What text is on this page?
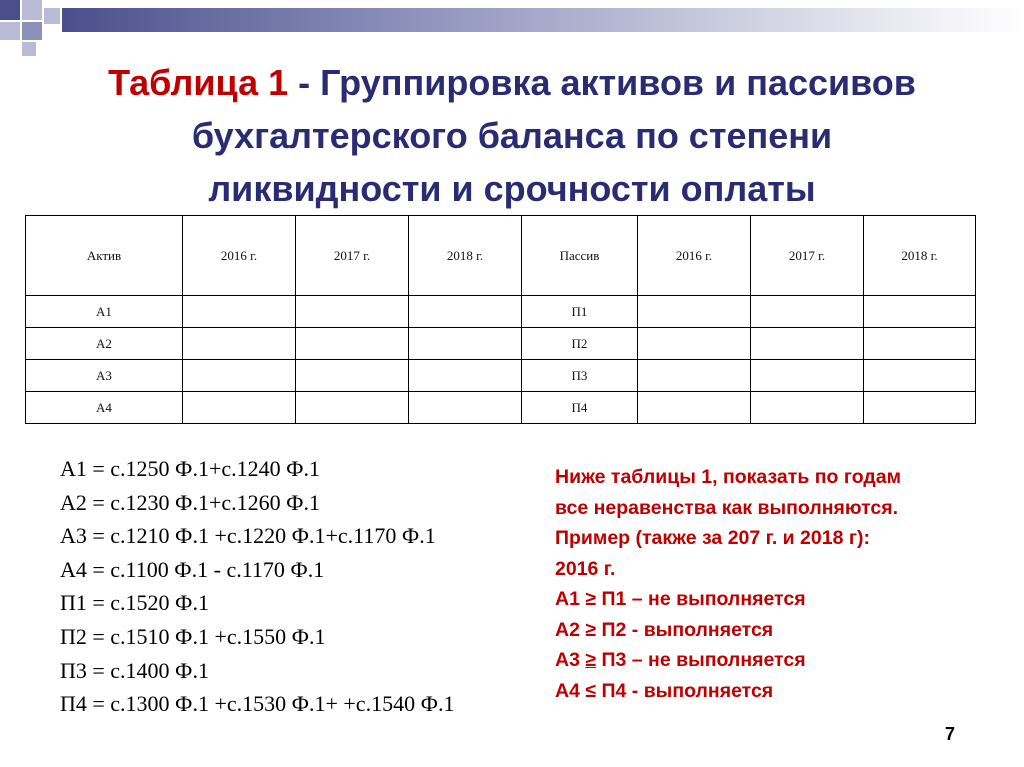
Таблица 1 - Группировка активов и пассивов
бухгалтерского баланса по степени
ликвидности и срочности оплаты
Актив	2016 г.	2017 г.	2018 г.	Пассив	2016 г.	2017 г.	2018 г.
А1				П1			
А2				П2			
А3				П3			
А4				П4			
А1 = с.1250 Ф.1+с.1240 Ф.1
А2 = с.1230 Ф.1+с.1260 Ф.1
А3 = с.1210 Ф.1 +с.1220 Ф.1+с.1170 Ф.1
А4 = с.1100 Ф.1 - с.1170 Ф.1
П1 = с.1520 Ф.1
П2 = с.1510 Ф.1 +с.1550 Ф.1
П3 = с.1400 Ф.1
П4 = с.1300 Ф.1 +с.1530 Ф.1+ +с.1540 Ф.1
Ниже таблицы 1, показать по годам
все неравенства как выполняются.
Пример (также за 207 г. и 2018 г):
2016 г.
А1 ≥ П1 – не выполняется
А2 ≥ П2 - выполняется
А3 ≥ П3 – не выполняется
А4 ≤ П4 - выполняется
7
